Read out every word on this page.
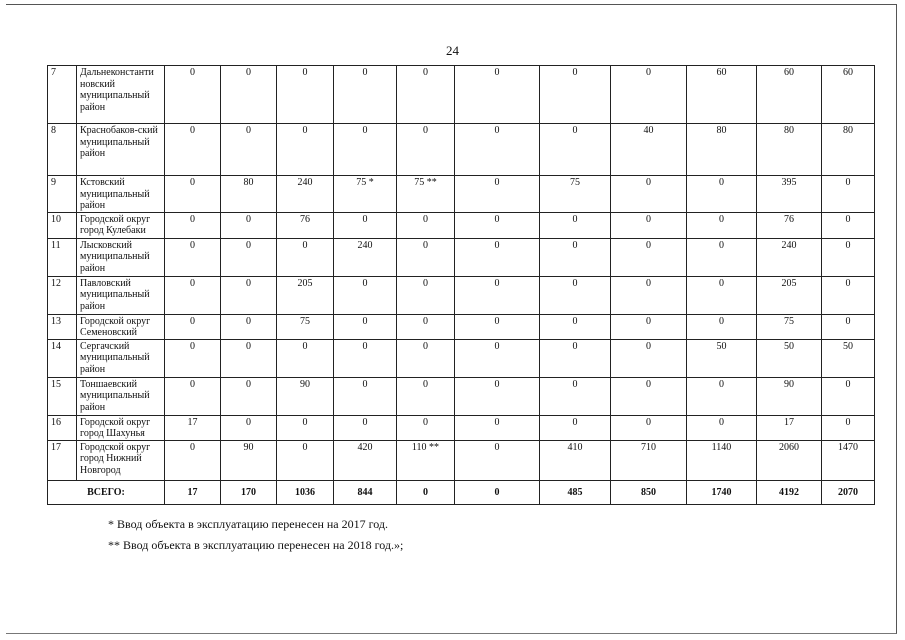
24
7	Дальнеконстанти новский муниципальный район	0	0	0	0	0	0	0	0	60	60	60
8	Краснобаков-ский муниципальный район	0	0	0	0	0	0	0	40	80	80	80
9	Кстовский муниципальный район	0	80	240	75 *	75 **	0	75	0	0	395	0
10	Городской округ город Кулебаки	0	0	76	0	0	0	0	0	0	76	0
11	Лысковский муниципальный район	0	0	0	240	0	0	0	0	0	240	0
12	Павловский муниципальный район	0	0	205	0	0	0	0	0	0	205	0
13	Городской округ Семеновский	0	0	75	0	0	0	0	0	0	75	0
14	Сергачский муниципальный район	0	0	0	0	0	0	0	0	50	50	50
15	Тоншаевский муниципальный район	0	0	90	0	0	0	0	0	0	90	0
16	Городской округ город Шахунья	17	0	0	0	0	0	0	0	0	17	0
17	Городской округ город Нижний Новгород	0	90	0	420	110 **	0	410	710	1140	2060	1470
ВСЕГО:		17	170	1036	844	0	0	485	850	1740	4192	2070
* Ввод объекта в эксплуатацию перенесен на 2017 год.
** Ввод объекта в эксплуатацию перенесен на 2018 год.»;
